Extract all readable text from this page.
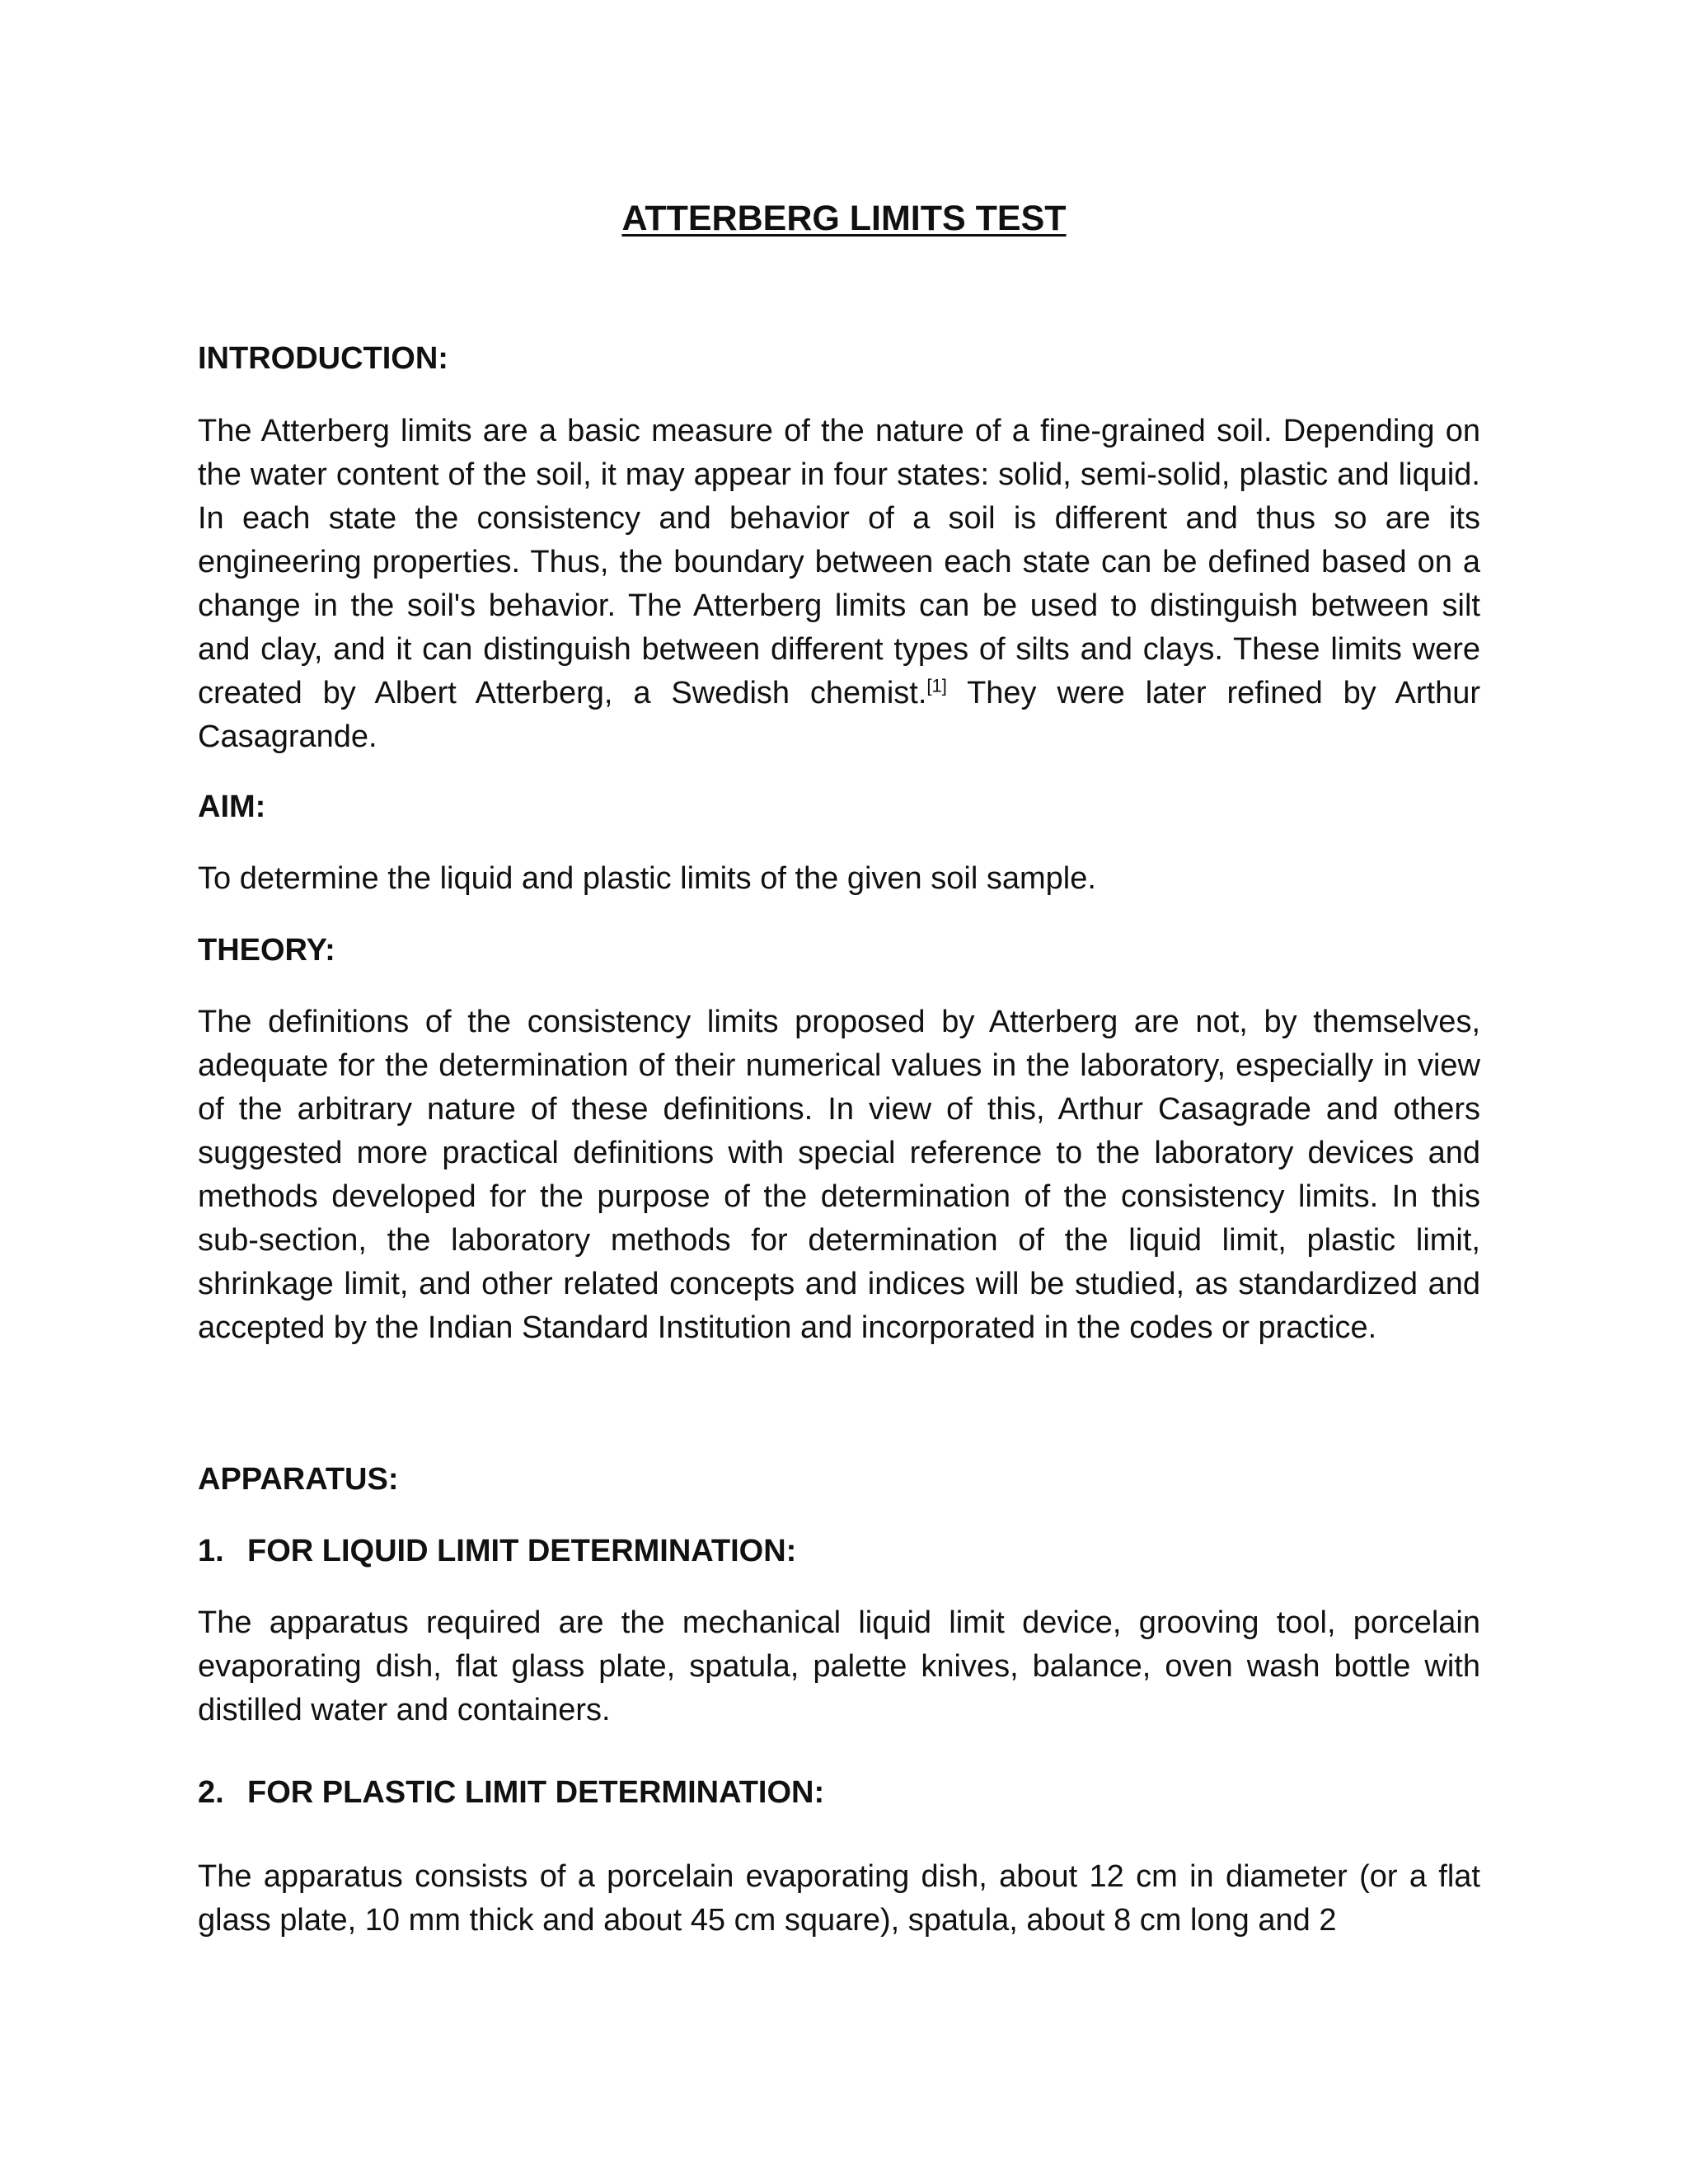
ATTERBERG LIMITS TEST
INTRODUCTION:
The Atterberg limits are a basic measure of the nature of a fine-grained soil. Depending on the water content of the soil, it may appear in four states: solid, semi-solid, plastic and liquid. In each state the consistency and behavior of a soil is different and thus so are its engineering properties. Thus, the boundary between each state can be defined based on a change in the soil's behavior. The Atterberg limits can be used to distinguish between silt and clay, and it can distinguish between different types of silts and clays. These limits were created by Albert Atterberg, a Swedish chemist.[1] They were later refined by Arthur Casagrande.
AIM:
To determine the liquid and plastic limits of the given soil sample.
THEORY:
The definitions of the consistency limits proposed by Atterberg are not, by themselves, adequate for the determination of their numerical values in the laboratory, especially in view of the arbitrary nature of these definitions. In view of this, Arthur Casagrade and others suggested more practical definitions with special reference to the laboratory devices and methods developed for the purpose of the determination of the consistency limits. In this sub-section, the laboratory methods for determination of the liquid limit, plastic limit, shrinkage limit, and other related concepts and indices will be studied, as standardized and accepted by the Indian Standard Institution and incorporated in the codes or practice.
APPARATUS:
1. FOR LIQUID LIMIT DETERMINATION:
The apparatus required are the mechanical liquid limit device, grooving tool, porcelain evaporating dish, flat glass plate, spatula, palette knives, balance, oven wash bottle with distilled water and containers.
2. FOR PLASTIC LIMIT DETERMINATION:
The apparatus consists of a porcelain evaporating dish, about 12 cm in diameter (or a flat glass plate, 10 mm thick and about 45 cm square), spatula, about 8 cm long and 2
